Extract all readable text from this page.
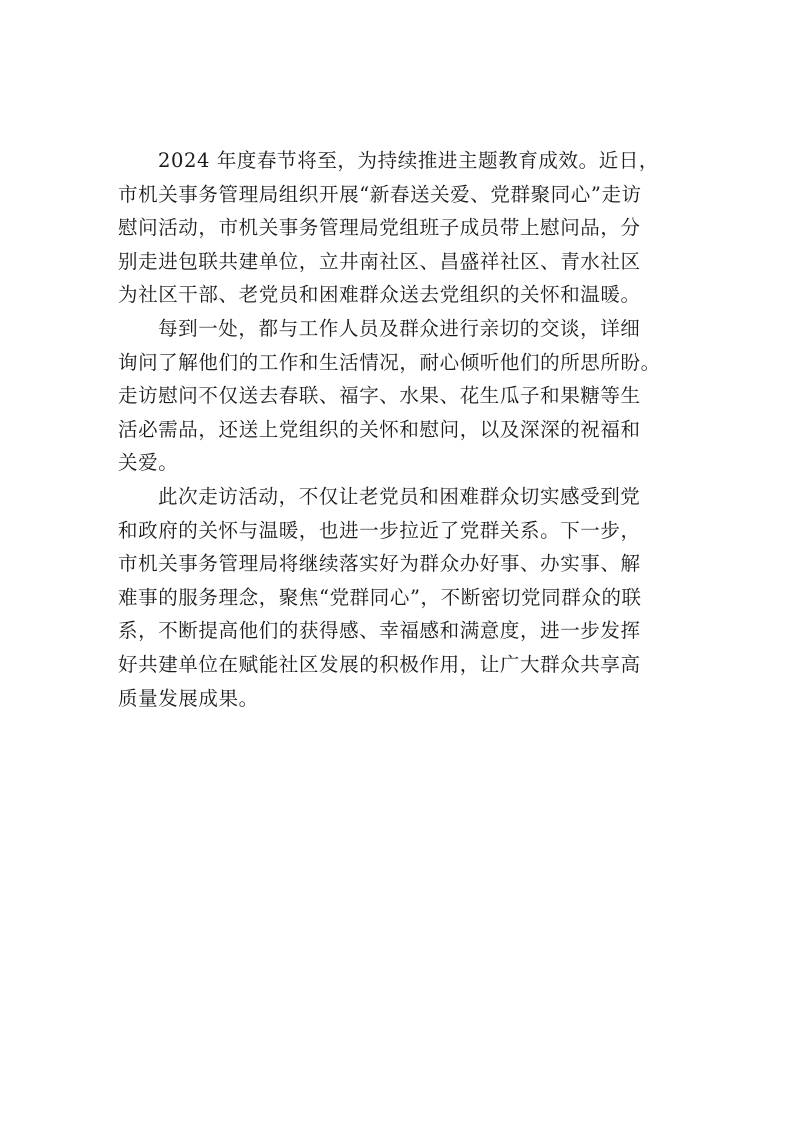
2024 年度春节将至，为持续推进主题教育成效。近日，
市机关事务管理局组织开展“新春送关爱、党群聚同心”走访
慰问活动，市机关事务管理局党组班子成员带上慰问品，分
别走进包联共建单位，立井南社区、昌盛祥社区、青水社区
为社区干部、老党员和困难群众送去党组织的关怀和温暖。

每到一处，都与工作人员及群众进行亲切的交谈，详细
询问了解他们的工作和生活情况，耐心倾听他们的所思所盼。
走访慰问不仅送去春联、福字、水果、花生瓜子和果糖等生
活必需品，还送上党组织的关怀和慰问，以及深深的祝福和
关爱。

此次走访活动，不仅让老党员和困难群众切实感受到党
和政府的关怀与温暖，也进一步拉近了党群关系。下一步，
市机关事务管理局将继续落实好为群众办好事、办实事、解
难事的服务理念，聚焦“党群同心”，不断密切党同群众的联
系，不断提高他们的获得感、幸福感和满意度，进一步发挥
好共建单位在赋能社区发展的积极作用，让广大群众共享高
质量发展成果。
